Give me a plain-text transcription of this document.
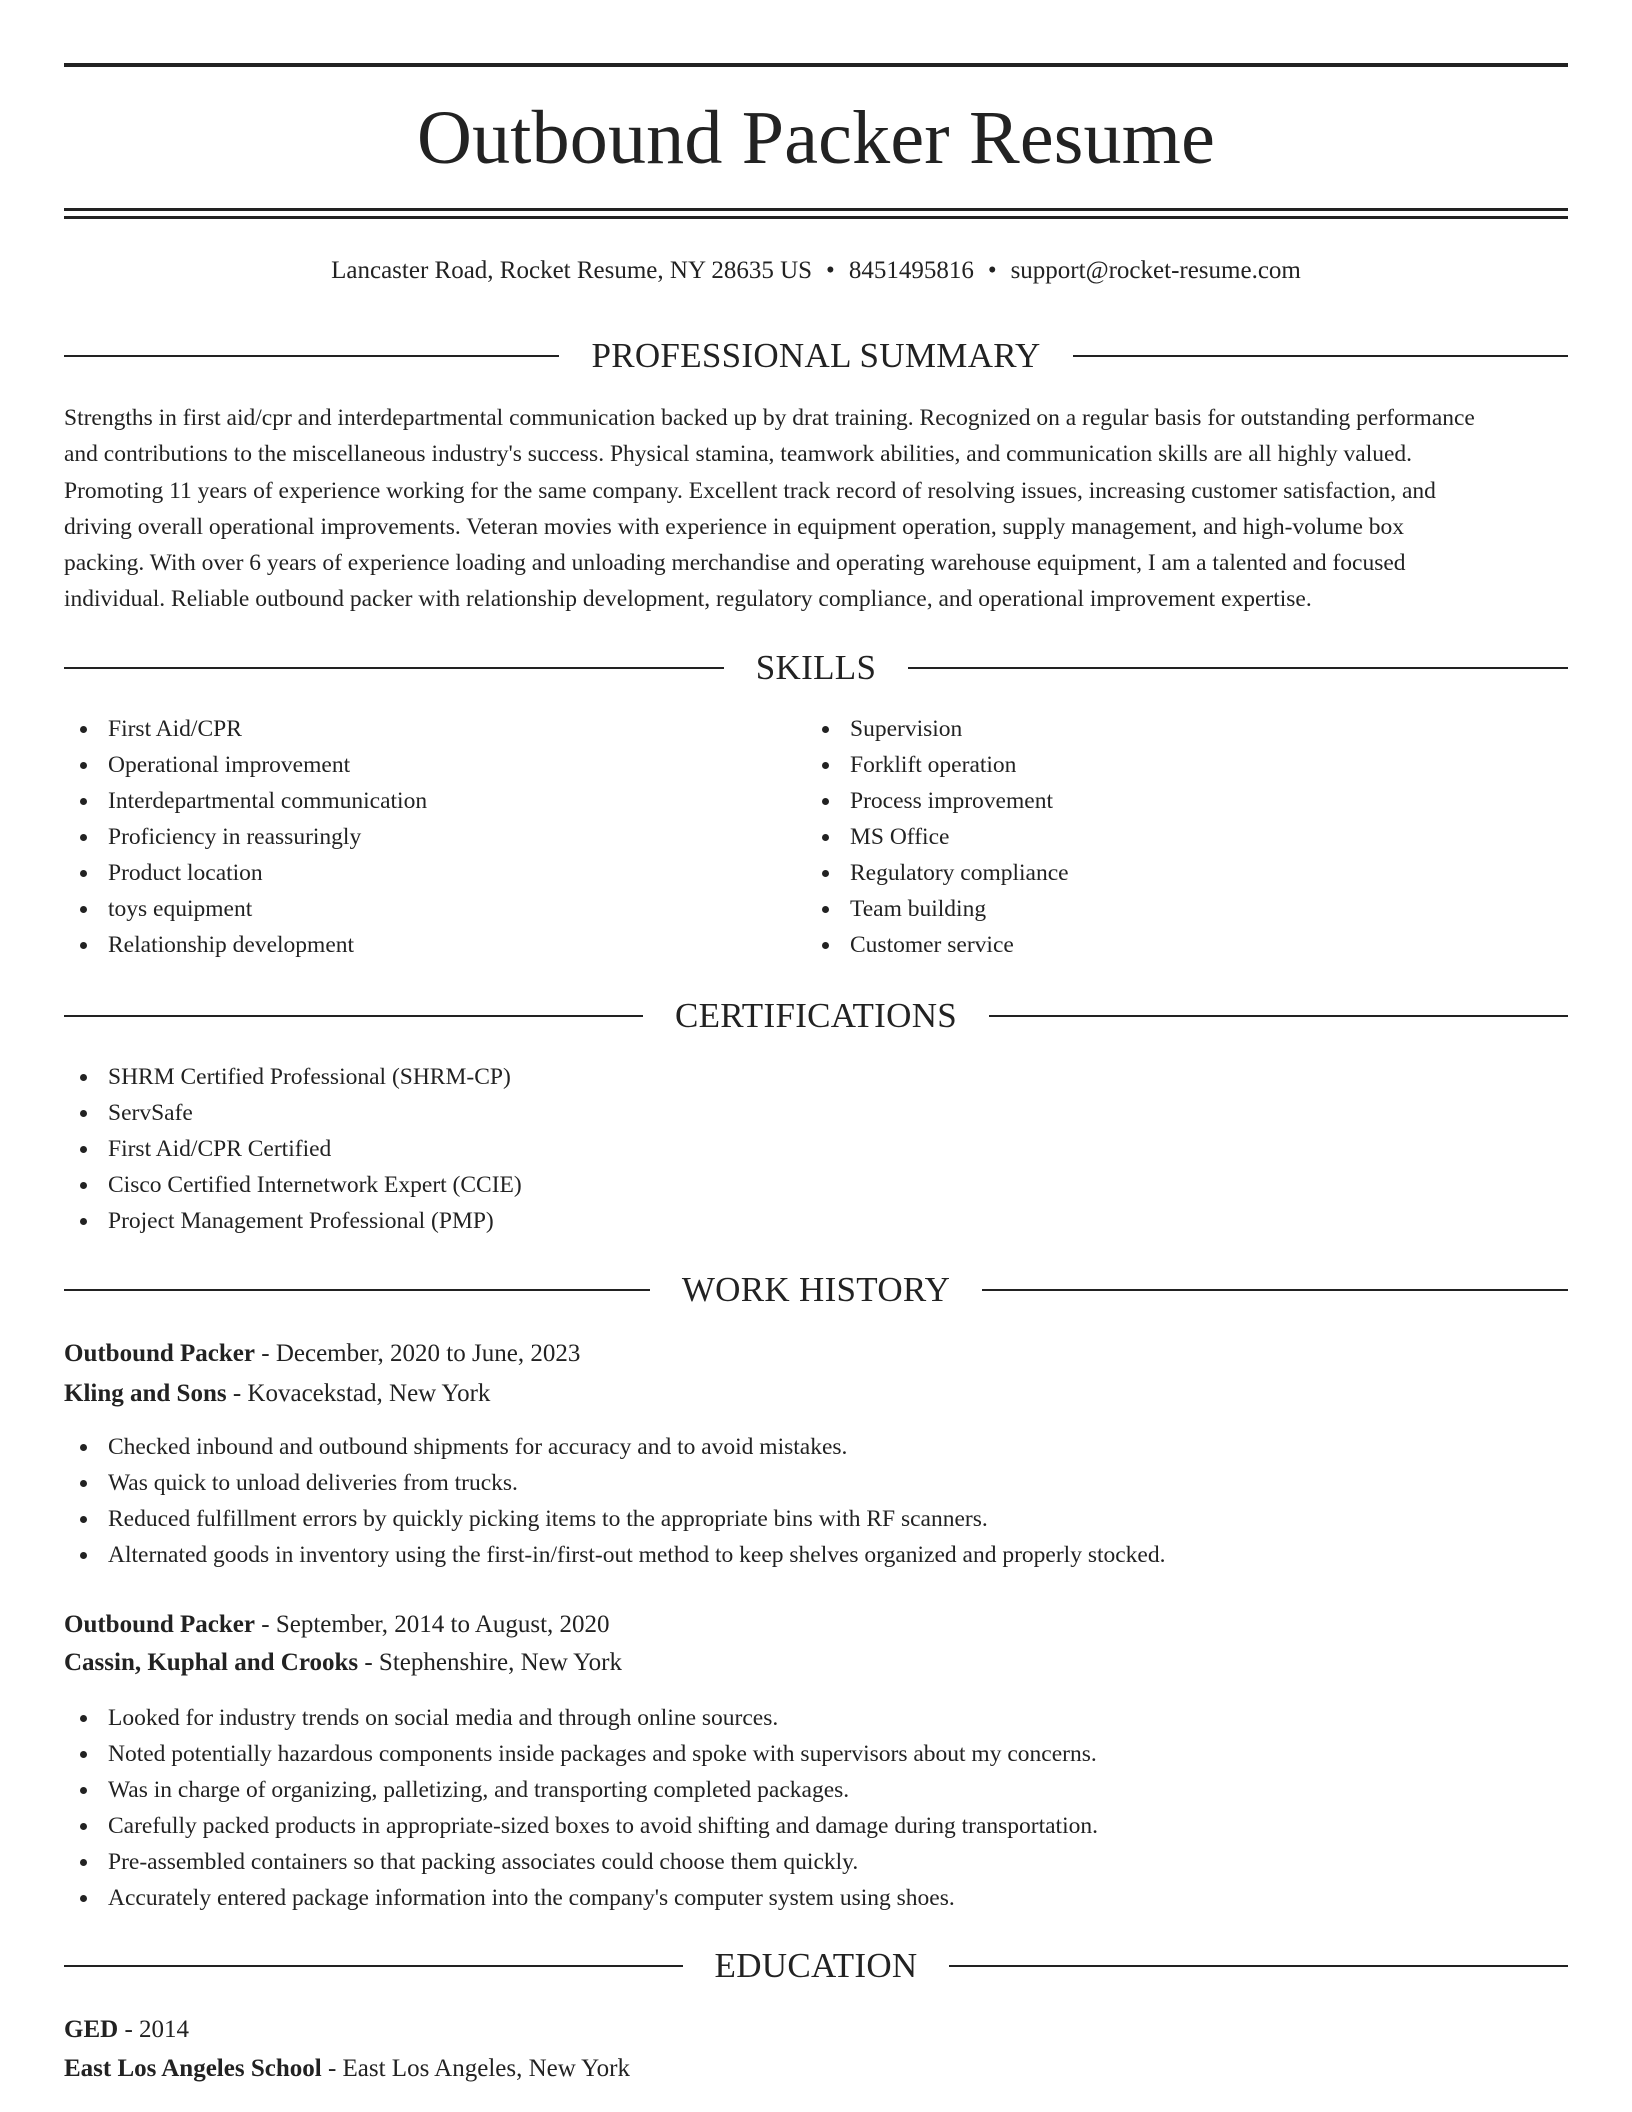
Outbound Packer Resume
Lancaster Road, Rocket Resume, NY 28635 US • 8451495816 • support@rocket-resume.com
PROFESSIONAL SUMMARY
Strengths in first aid/cpr and interdepartmental communication backed up by drat training. Recognized on a regular basis for outstanding performance
and contributions to the miscellaneous industry's success. Physical stamina, teamwork abilities, and communication skills are all highly valued.
Promoting 11 years of experience working for the same company. Excellent track record of resolving issues, increasing customer satisfaction, and
driving overall operational improvements. Veteran movies with experience in equipment operation, supply management, and high-volume box
packing. With over 6 years of experience loading and unloading merchandise and operating warehouse equipment, I am a talented and focused
individual. Reliable outbound packer with relationship development, regulatory compliance, and operational improvement expertise.
SKILLS
First Aid/CPR
Operational improvement
Interdepartmental communication
Proficiency in reassuringly
Product location
toys equipment
Relationship development
Supervision
Forklift operation
Process improvement
MS Office
Regulatory compliance
Team building
Customer service
CERTIFICATIONS
SHRM Certified Professional (SHRM-CP)
ServSafe
First Aid/CPR Certified
Cisco Certified Internetwork Expert (CCIE)
Project Management Professional (PMP)
WORK HISTORY
Outbound Packer - December, 2020 to June, 2023
Kling and Sons - Kovacekstad, New York
Checked inbound and outbound shipments for accuracy and to avoid mistakes.
Was quick to unload deliveries from trucks.
Reduced fulfillment errors by quickly picking items to the appropriate bins with RF scanners.
Alternated goods in inventory using the first-in/first-out method to keep shelves organized and properly stocked.
Outbound Packer - September, 2014 to August, 2020
Cassin, Kuphal and Crooks - Stephenshire, New York
Looked for industry trends on social media and through online sources.
Noted potentially hazardous components inside packages and spoke with supervisors about my concerns.
Was in charge of organizing, palletizing, and transporting completed packages.
Carefully packed products in appropriate-sized boxes to avoid shifting and damage during transportation.
Pre-assembled containers so that packing associates could choose them quickly.
Accurately entered package information into the company's computer system using shoes.
EDUCATION
GED - 2014
East Los Angeles School - East Los Angeles, New York
